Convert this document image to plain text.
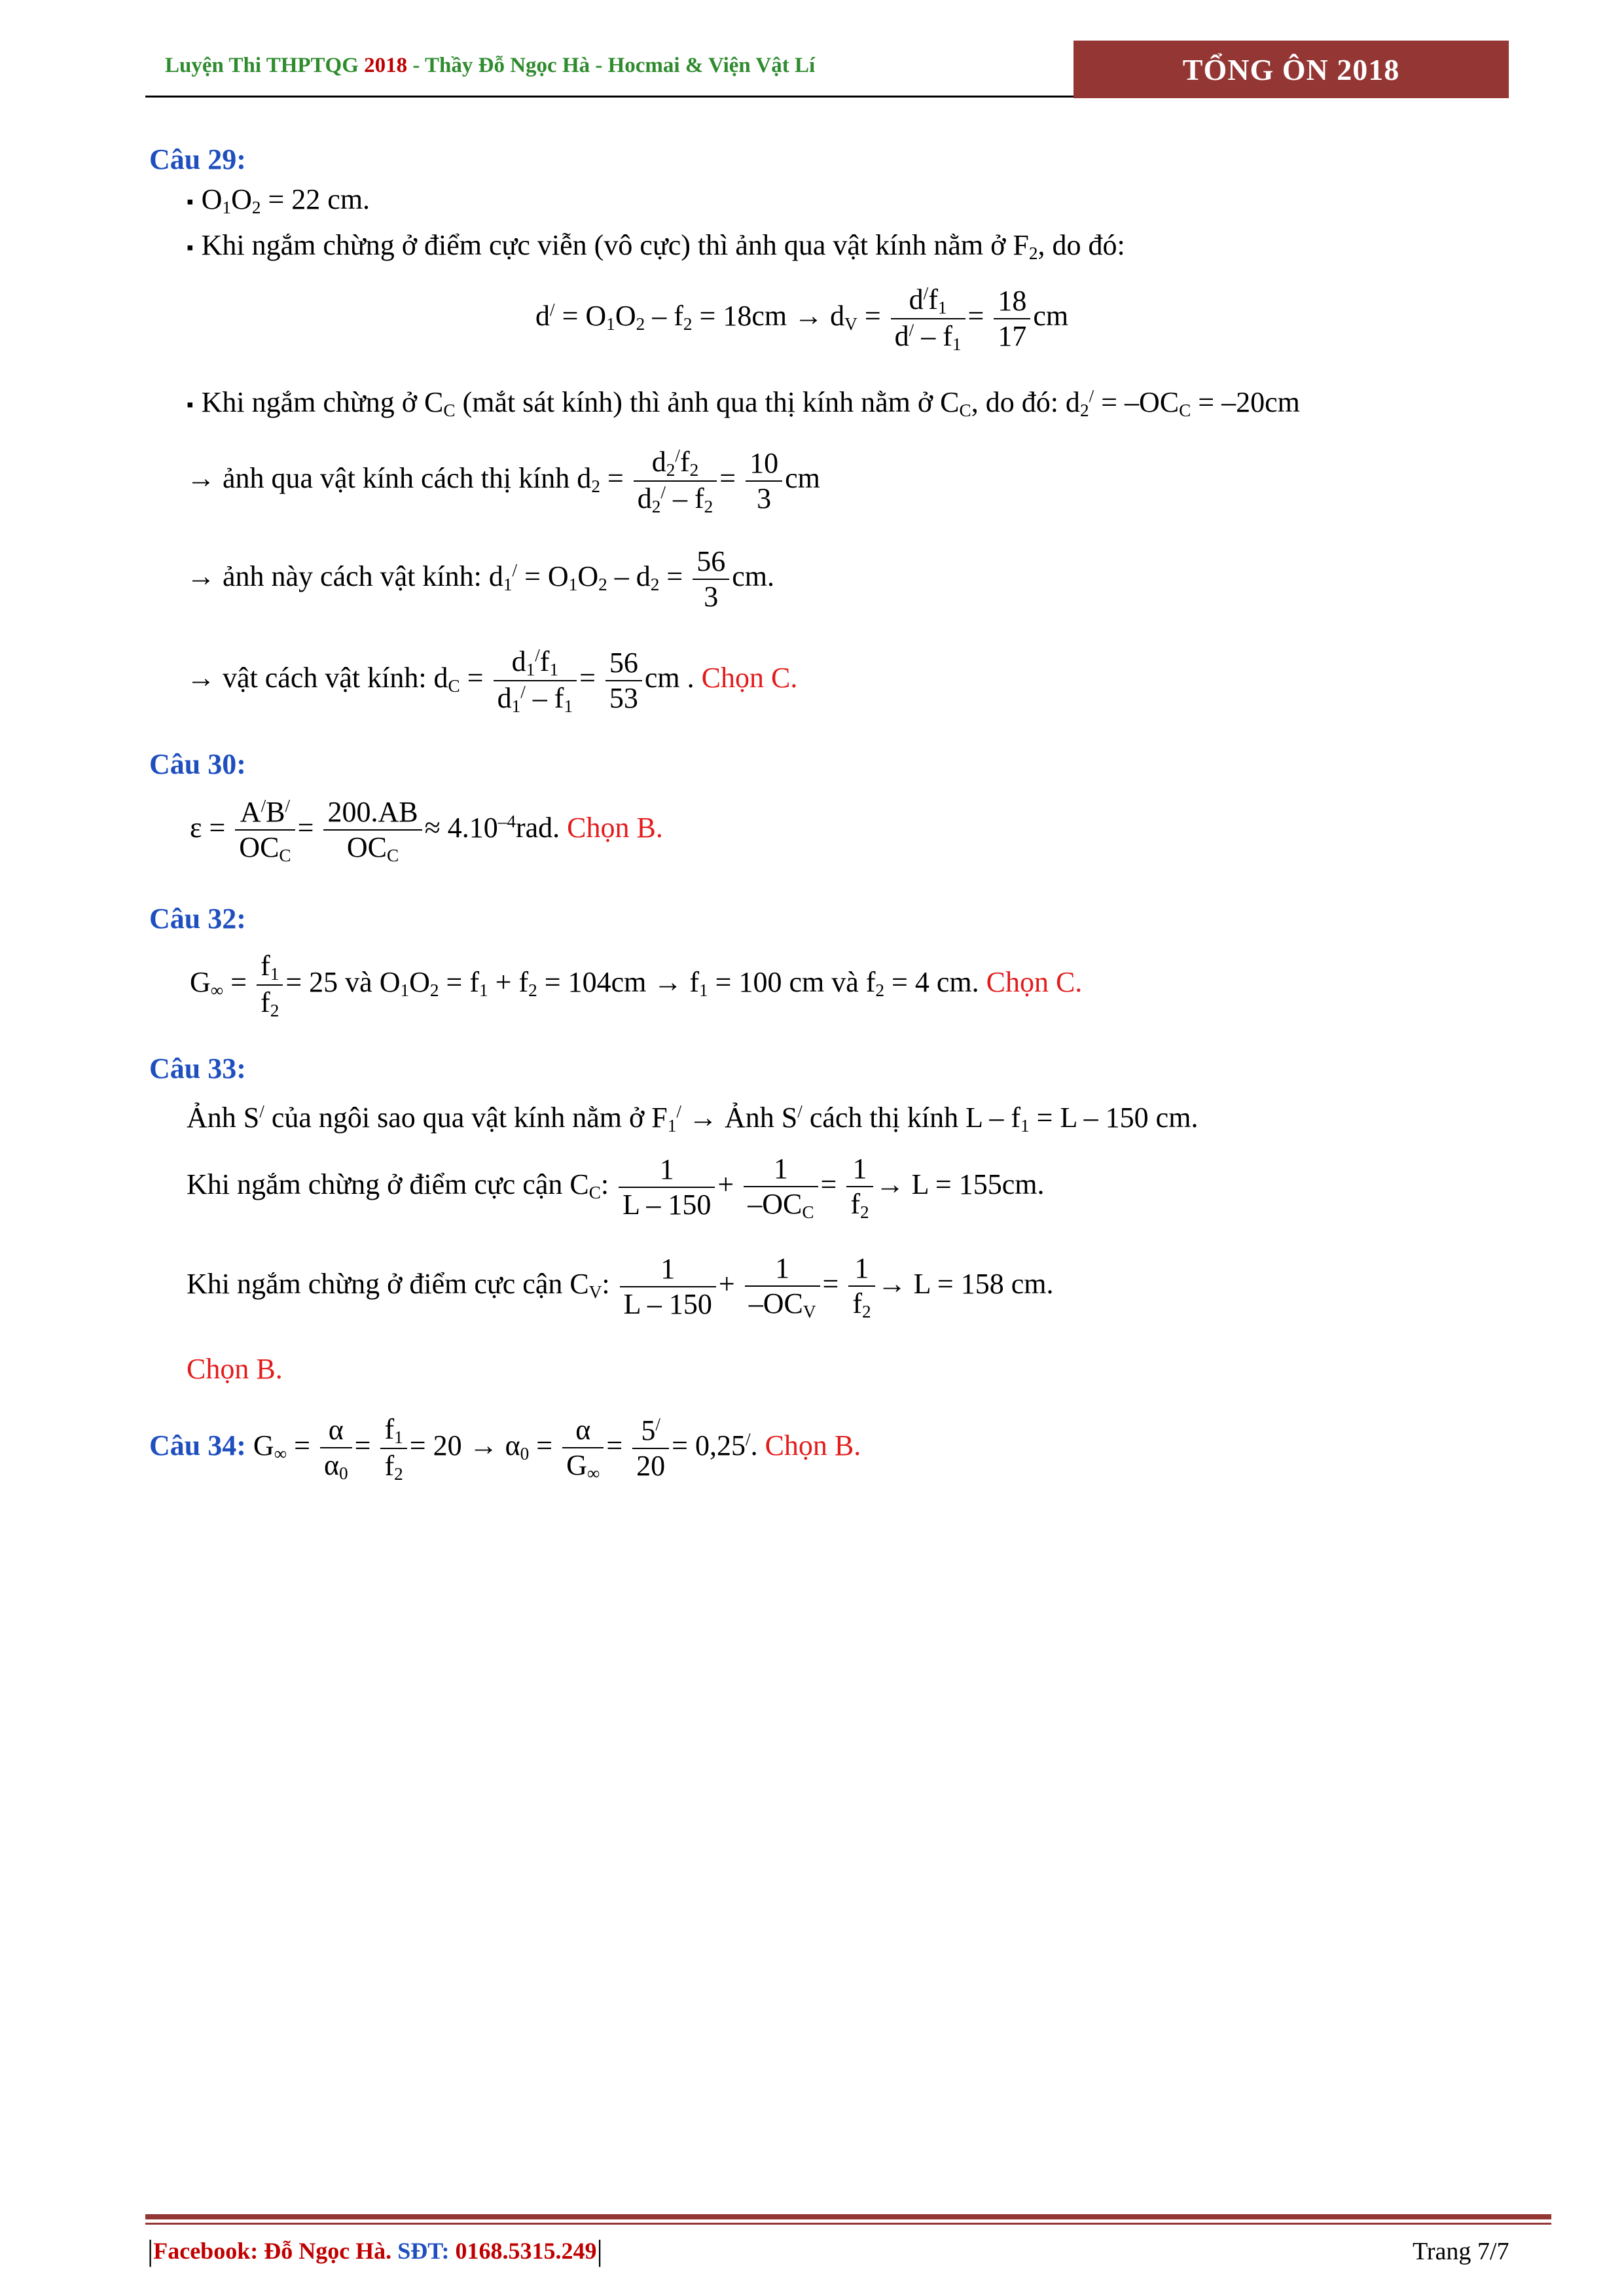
Luyện Thi THPTQG 2018 - Thầy Đỗ Ngọc Hà - Hocmai & Viện Vật Lí	TỔNG ÔN 2018
Câu 29:
▪ $O_1O_2 = 22$ cm.
▪ Khi ngắm chừng ở điểm cực viễn (vô cực) thì ảnh qua vật kính nằm ở $F_2$, do đó:
$d^/ = O_1O_2 - f_2 = 18cm \to d_V = \frac{d^/f_1}{d^/ - f_1} = \frac{18}{17}$ cm
▪ Khi ngắm chừng ở $C_C$ (mắt sát kính) thì ảnh qua thị kính nằm ở $C_C$, do đó: $d_2^/ = -OC_C = -20cm$
→ ảnh qua vật kính cách thị kính $d_2 = \frac{d_2^/f_2}{d_2^/ - f_2} = \frac{10}{3}$ cm
→ ảnh này cách vật kính: $d_1^/ = O_1O_2 - d_2 = \frac{56}{3}$ cm.
→ vật cách vật kính: $d_C = \frac{d_1^/f_1}{d_1^/ - f_1} = \frac{56}{53}$ cm . Chọn C.
Câu 30:
ε = A/B/
$OC_C$
= 200.AB
$OC_C$
≈ $4.10^{-4}rad$. Chọn B.
Câu 32:
$G_\infty = \frac{f_1}{f_2} = 25$ và $O_1O_2 = f_1 + f_2 = 104cm \to f_1 = 100$ cm và $f_2 = 4$ cm. Chọn C.
Câu 33:
Ảnh S/ của ngôi sao qua vật kính nằm ở $F_1^/$ → Ảnh S/ cách thị kính $L - f_1 = L - 150$ cm.
Khi ngắm chừng ở điểm cực cận $C_C$: $\frac{1}{L - 150}$ +	1
$-OC_C$
= $\frac{1}{f_2} \to L = 155cm$.
Khi ngắm chừng ở điểm cực cận $C_V$: $\frac{1}{L - 150}$ +	1
$-OC_V$
= $\frac{1}{f_2} \to L = 158$ cm.
Chọn B.
Câu 34: $G_\infty = \frac{\alpha}{\alpha_0} = \frac{f_1}{f_2} = 20 \to \alpha_0 = \frac{\alpha}{G_\infty} = \frac{5^/}{20} = 0,25^/$. Chọn B.
|Facebook: Đỗ Ngọc Hà. SĐT: 0168.5315.249|	Trang 7/7
